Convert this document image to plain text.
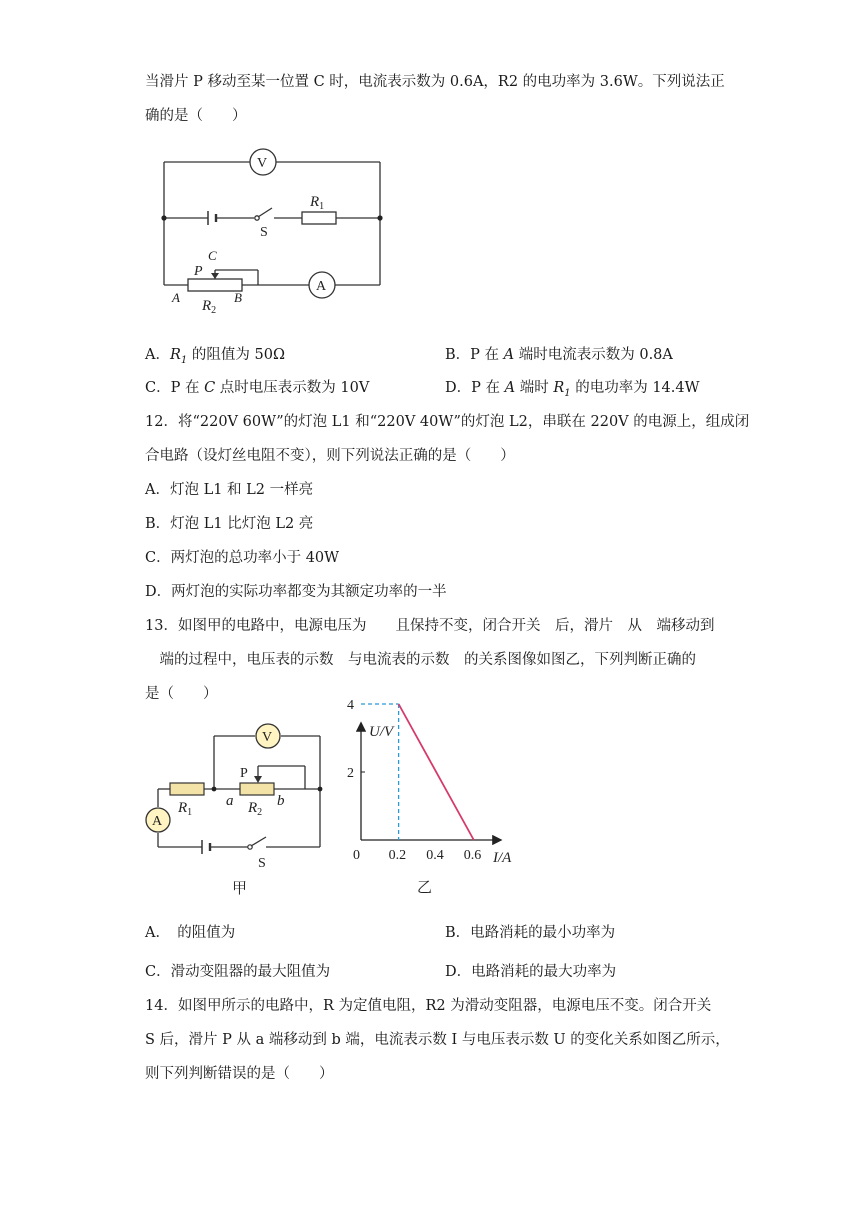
当滑片 P 移动至某一位置 C 时，电流表示数为 0.6A，R2 的电功率为 3.6W。下列说法正
确的是（　　）
S
$R_1$
V
C
P
A	B
$R_2$
A
A．$R_1$ 的阻值为 50Ω	B．P 在 A 端时电流表示数为 0.8A
C．P 在 C 点时电压表示数为 10V	D．P 在 A 端时 $R_1$ 的电功率为 14.4W
12．将“220V 60W”的灯泡 L1 和“220V 40W”的灯泡 L2，串联在 220V 的电源上，组成闭
合电路（设灯丝电阻不变），则下列说法正确的是（　　）
A．灯泡 L1 和 L2 一样亮
B．灯泡 L1 比灯泡 L2 亮
C．两灯泡的总功率小于 40W
D．两灯泡的实际功率都变为其额定功率的一半
13．如图甲的电路中，电源电压为　　且保持不变，闭合开关　后，滑片　从　端移动到
　端的过程中，电压表的示数　与电流表的示数　的关系图像如图乙，下列判断正确的
是（　　）
$R_1$	$R_2$
a	b
P
V
A
S
甲
U/V
I/A
0 0.2 0.4 0.6
2
4
乙
A．　的阻值为	B．电路消耗的最小功率为
C．滑动变阻器的最大阻值为	D．电路消耗的最大功率为
14．如图甲所示的电路中，R 为定值电阻，R2 为滑动变阻器，电源电压不变。闭合开关
S 后，滑片 P 从 a 端移动到 b 端，电流表示数 I 与电压表示数 U 的变化关系如图乙所示，
则下列判断错误的是（　　）
